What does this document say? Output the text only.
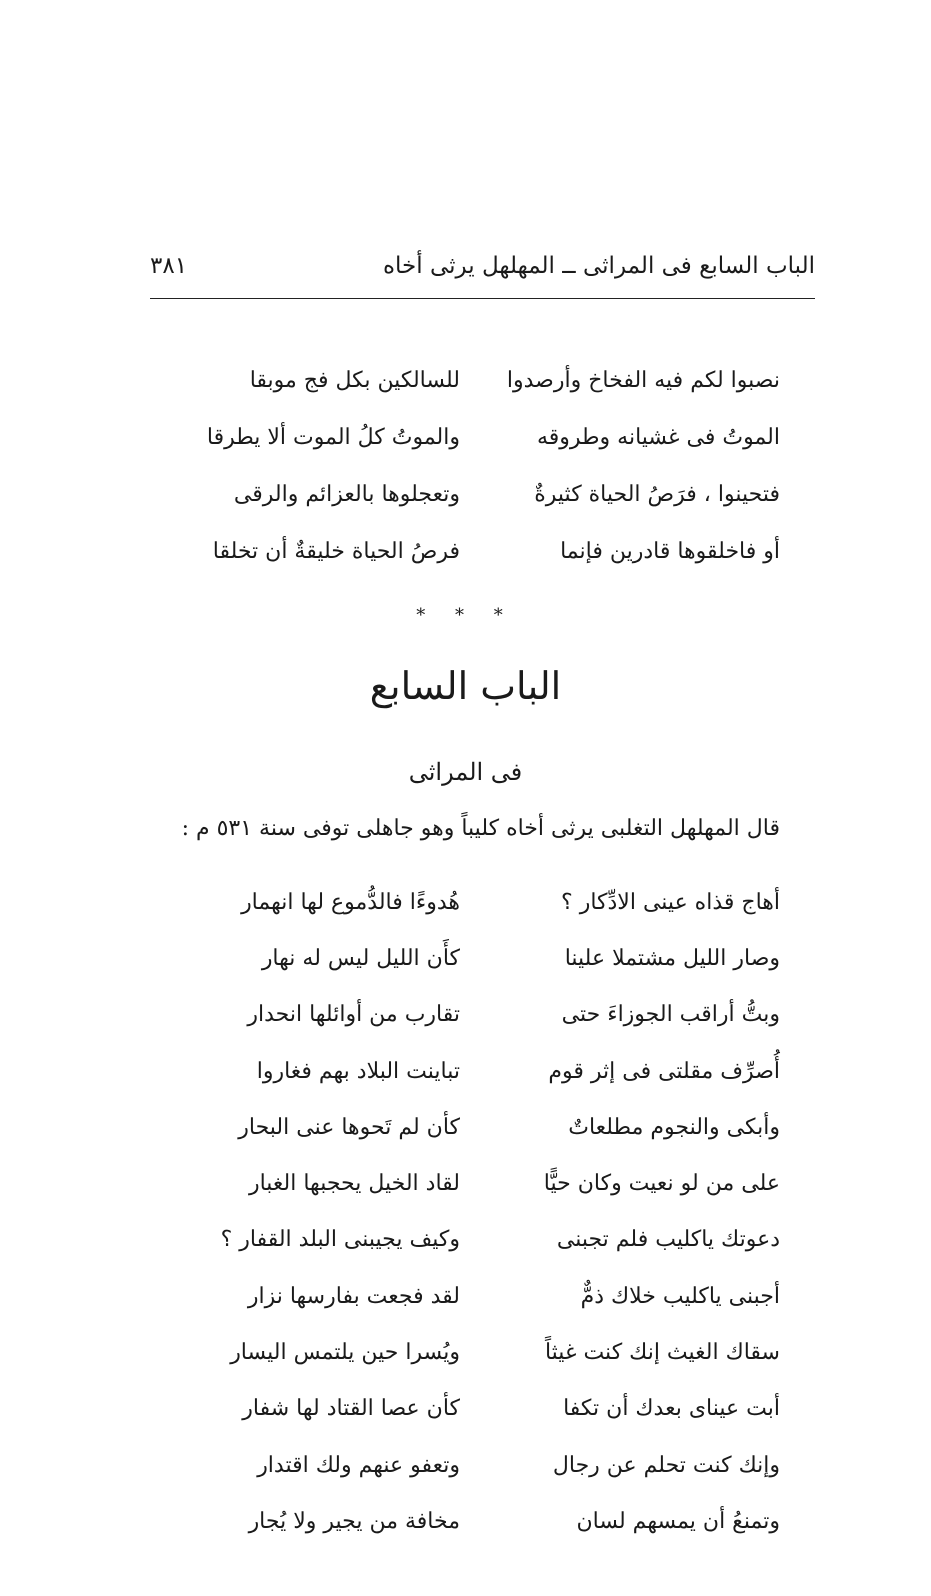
الباب السابع فى المراثى ــ المهلهل يرثى أخاه
٣٨١
نصبوا لكم فيه الفخاخ وأرصدوا
للسالكين بكل فج موبقا
الموتُ فى غشيانه وطروقه
والموتُ كلُ الموت ألا يطرقا
فتحينوا ، فرَصُ الحياة كثيرةٌ
وتعجلوها بالعزائم والرقى
أو فاخلقوها قادرين فإنما
فرصُ الحياة خليقةٌ أن تخلقا
* * *
الباب السابع
فى المراثى
قال المهلهل التغلبى يرثى أخاه كليباً وهو جاهلى توفى سنة ٥٣١ م :
أهاج قذاه عينى الادِّكار ؟
هُدوءًا فالدُّموع لها انهمار
وصار الليل مشتملا علينا
كأَن الليل ليس له نهار
وبتُّ أراقب الجوزاءَ حتى
تقارب من أوائلها انحدار
أُصرِّف مقلتى فى إثر قوم
تباينت البلاد بهم فغاروا
وأبكى والنجوم مطلعاتٌ
كأن لم تَحوها عنى البحار
على من لو نعيت وكان حيًّا
لقاد الخيل يحجبها الغبار
دعوتك ياكليب فلم تجبنى
وكيف يجيبنى البلد القفار ؟
أجبنى ياكليب خلاك ذمٌّ
لقد فجعت بفارسها نزار
سقاك الغيث إنك كنت غيثاً
ويُسرا حين يلتمس اليسار
أبت عيناى بعدك أن تكفا
كأن عصا القتاد لها شفار
وإنك كنت تحلم عن رجال
وتعفو عنهم ولك اقتدار
وتمنعُ أن يمسهم لسان
مخافة من يجير ولا يُجار
